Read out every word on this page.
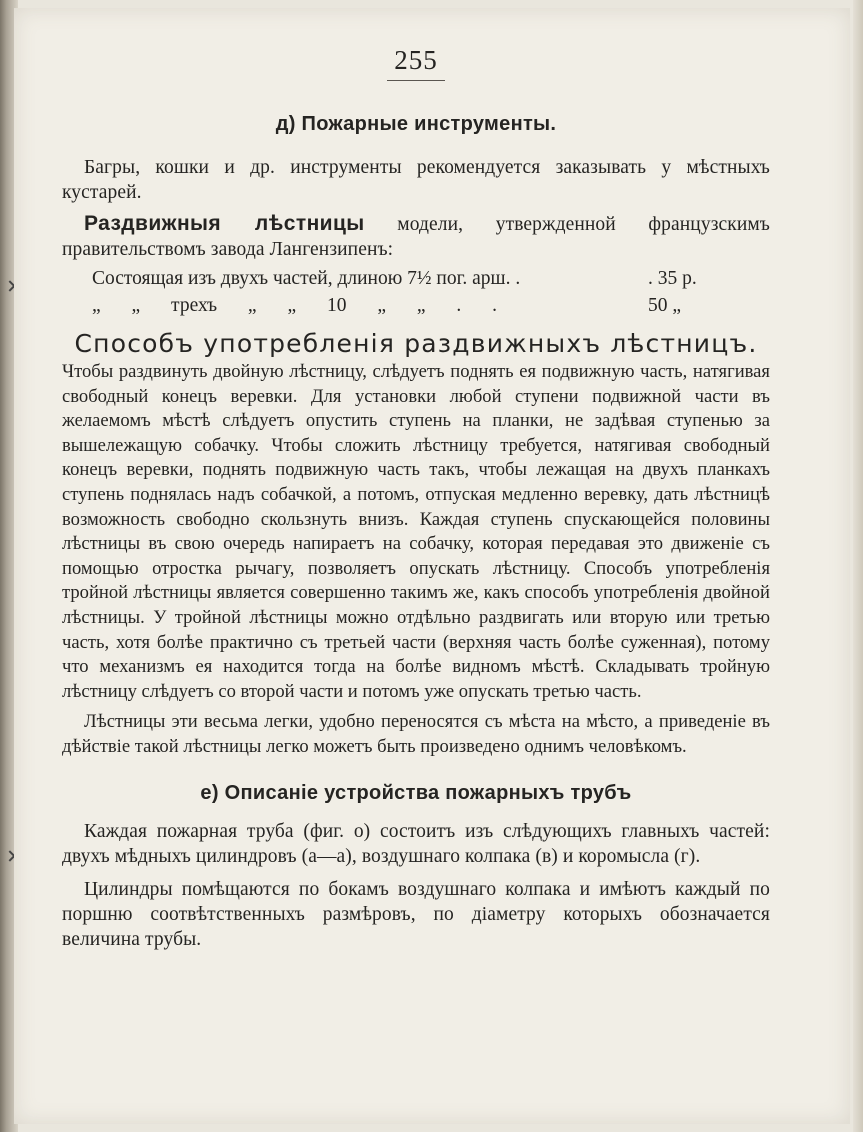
255
д) Пожарные инструменты.

Багры, кошки и др. инструменты рекомендуется заказывать у мѣстныхъ кустарей.

Раздвижныя лѣстницы модели, утвержденной французскимъ правительствомъ завода Лангензипенъ:

Состоящая изъ двухъ частей, длиною 7½ пог. арш. .	. 35 р.
„ „ трехъ „ „ 10 „ „ . .	50 „
Способъ употребленія раздвижныхъ лѣстницъ.

Чтобы раздвинуть двойную лѣстницу, слѣдуетъ поднять ея подвижную часть, натягивая свободный конецъ веревки. Для установки любой ступени подвижной части въ желаемомъ мѣстѣ слѣдуетъ опустить ступень на планки, не задѣвая ступенью за вышележащую собачку. Чтобы сложить лѣстницу требуется, натягивая свободный конецъ веревки, поднять подвижную часть такъ, чтобы лежащая на двухъ планкахъ ступень поднялась надъ собачкой, а потомъ, отпуская медленно веревку, дать лѣстницѣ возможность свободно скользнуть внизъ. Каждая ступень спускающейся половины лѣстницы въ свою очередь напираетъ на собачку, которая передавая это движеніе съ помощью отростка рычагу, позволяетъ опускать лѣстницу. Способъ употребленія тройной лѣстницы является совершенно такимъ же, какъ способъ употребленія двойной лѣстницы. У тройной лѣстницы можно отдѣльно раздвигать или вторую или третью часть, хотя болѣе практично съ третьей части (верхняя часть болѣе суженная), потому что механизмъ ея находится тогда на болѣе видномъ мѣстѣ. Складывать тройную лѣстницу слѣдуетъ со второй части и потомъ уже опускать третью часть.

Лѣстницы эти весьма легки, удобно переносятся съ мѣста на мѣсто, а приведеніе въ дѣйствіе такой лѣстницы легко можетъ быть произведено однимъ человѣкомъ.

е) Описаніе устройства пожарныхъ трубъ

Каждая пожарная труба (фиг. о) состоитъ изъ слѣдующихъ главныхъ частей: двухъ мѣдныхъ цилиндровъ (а—а), воздушнаго колпака (в) и коромысла (г).

Цилиндры помѣщаются по бокамъ воздушнаго колпака и имѣютъ каждый по поршню соотвѣтственныхъ размѣровъ, по діаметру которыхъ обозначается величина трубы.
